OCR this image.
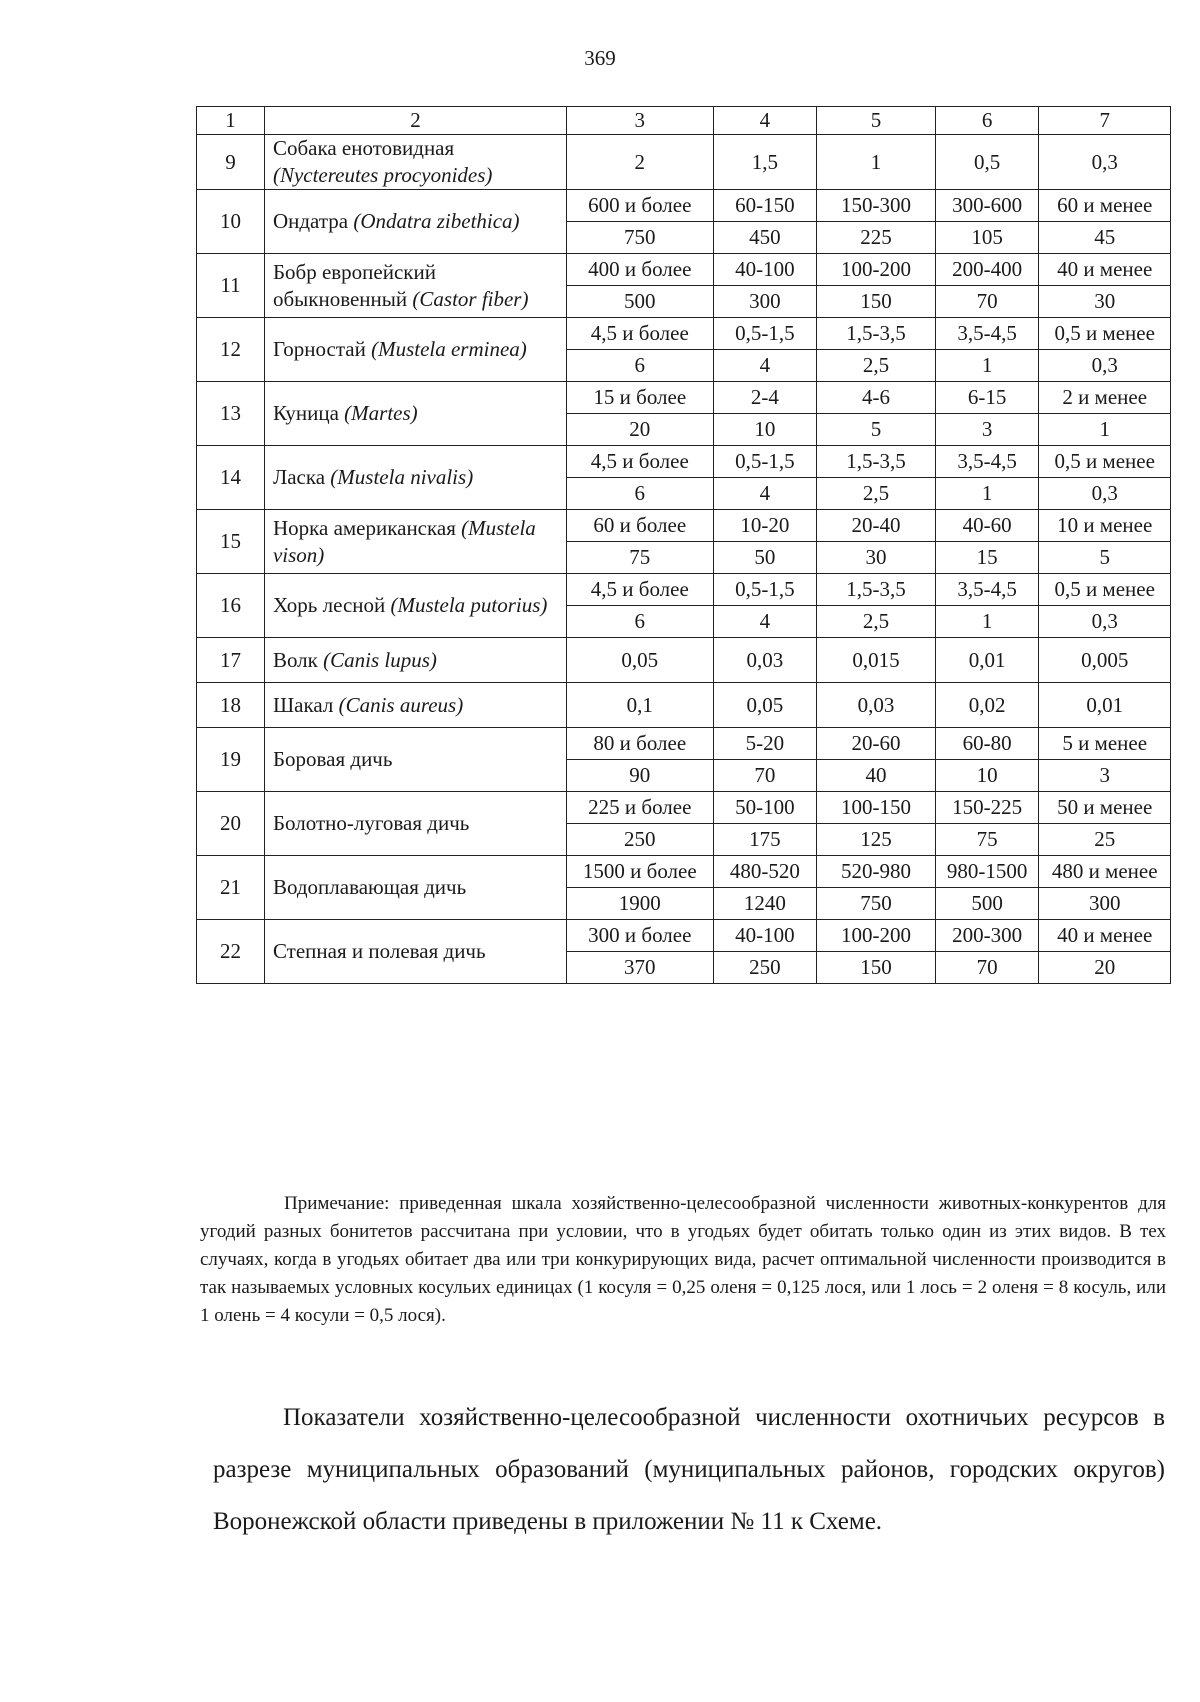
369
1	2	3	4	5	6	7
9	Собака енотовидная (Nyctereutes procyonides)	2	1,5	1	0,5	0,3
10	Ондатра (Ondatra zibethica)	600 и более	60-150	150-300	300-600	60 и менее
		750	450	225	105	45
11	Бобр европейский обыкновенный (Castor fiber)	400 и более	40-100	100-200	200-400	40 и менее
		500	300	150	70	30
12	Горностай (Mustela erminea)	4,5 и более	0,5-1,5	1,5-3,5	3,5-4,5	0,5 и менее
		6	4	2,5	1	0,3
13	Куница (Martes)	15 и более	2-4	4-6	6-15	2 и менее
		20	10	5	3	1
14	Ласка (Mustela nivalis)	4,5 и более	0,5-1,5	1,5-3,5	3,5-4,5	0,5 и менее
		6	4	2,5	1	0,3
15	Норка американская (Mustela vison)	60 и более	10-20	20-40	40-60	10 и менее
		75	50	30	15	5
16	Хорь лесной (Mustela putorius)	4,5 и более	0,5-1,5	1,5-3,5	3,5-4,5	0,5 и менее
		6	4	2,5	1	0,3
17	Волк (Canis lupus)	0,05	0,03	0,015	0,01	0,005
18	Шакал (Canis aureus)	0,1	0,05	0,03	0,02	0,01
19	Боровая дичь	80 и более	5-20	20-60	60-80	5 и менее
		90	70	40	10	3
20	Болотно-луговая дичь	225 и более	50-100	100-150	150-225	50 и менее
		250	175	125	75	25
21	Водоплавающая дичь	1500 и более	480-520	520-980	980-1500	480 и менее
		1900	1240	750	500	300
22	Степная и полевая дичь	300 и более	40-100	100-200	200-300	40 и менее
		370	250	150	70	20

Примечание: приведенная шкала хозяйственно-целесообразной численности животных-конкурентов для угодий разных бонитетов рассчитана при условии, что в угодьях будет обитать только один из этих видов. В тех случаях, когда в угодьях обитает два или три конкурирующих вида, расчет оптимальной численности производится в так называемых условных косульих единицах (1 косуля = 0,25 оленя = 0,125 лося, или 1 лось = 2 оленя = 8 косуль, или 1 олень = 4 косули = 0,5 лося).

Показатели хозяйственно-целесообразной численности охотничьих ресурсов в разрезе муниципальных образований (муниципальных районов, городских округов) Воронежской области приведены в приложении № 11 к Схеме.
